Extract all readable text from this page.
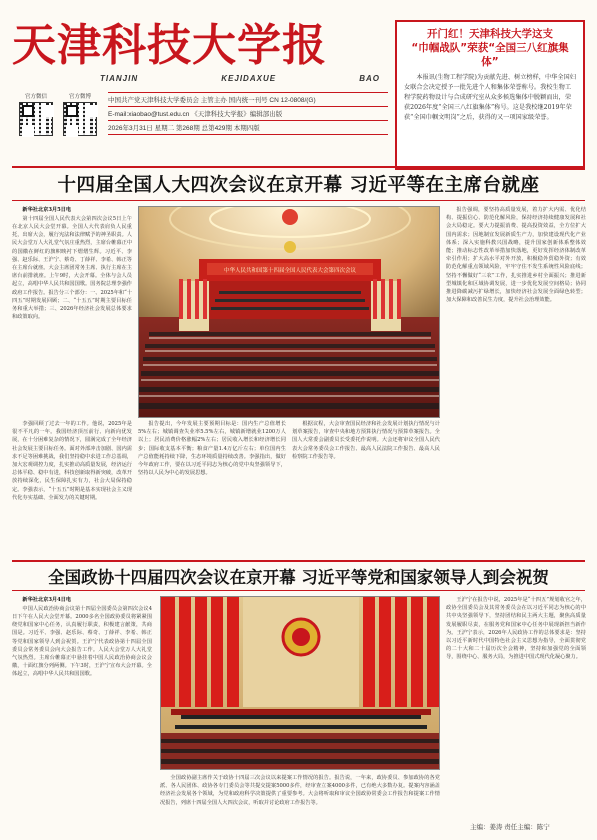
天津科技大学报
TIANJIN	KEJIDAXUE	BAO
官方微信	官方微博	中国共产党天津科技大学委员会 主管主办 国内统一刊号 CN 12-0808/(G)
E-mail:xiaobao@tust.edu.cn 《天津科技大学报》编辑部出版
2026年3月31日 星期二 第268期 总第429期 本期四版
开门红！天津科技大学这支
“巾帼战队”荣获“全国三八红旗集体”
本报讯(生物工程学院)为贡献先进、树立榜样，中华全国妇女联合会决定授予一批先进个人和集体荣誉称号。我校生物工程学院药物设计与合成研究室从众多候选集体中脱颖而出，荣获2026年度“全国三八红旗集体”称号。这是我校继2019年荣获“全国巾帼文明岗”之后，获得的又一项国家级荣誉。
十四届全国人大四次会议在京开幕 习近平等在主席台就座

新华社北京3月5日电

第十四届全国人民代表大会第四次会议5日上午在北京人民大会堂开幕。全国人大代表肩负人民重托，出席大会，履行宪法和法律赋予的神圣职责。人民大会堂万人大礼堂气氛庄重热烈，主席台帷幕正中的国徽在鲜红的旗帜映衬下熠熠生辉。习近平、李强、赵乐际、王沪宁、蔡奇、丁薛祥、李希、韩正等在主席台就座。大会主席团常务主席、执行主席在主席台前排就座。上午9时，大会开幕。全体与会人员起立，高唱中华人民共和国国歌。国务院总理李强作政府工作报告。报告分三个部分：一、2025年和“十四五”时期发展回顾；二、“十五五”时期主要目标任务和重大举措；三、2026年经济社会发展总体要求和政策取向。

中华人民共和国第十四届全国人民代表大会第四次会议

报告强调，要坚持高质量发展，着力扩大内需、优化结构、提振信心、防范化解风险，保持经济持续健康发展和社会大局稳定。要大力提振消费、提高投资效益，全方位扩大国内需求；因地制宜发展新质生产力，加快建设现代化产业体系；深入实施科教兴国战略，提升国家创新体系整体效能；推动标志性改革举措加快落地，更好发挥经济体制改革牵引作用；扩大高水平对外开放，积极稳外贸稳外资；有效防范化解重点领域风险，牢牢守住不发生系统性风险底线；坚持不懈做好“三农”工作，扎实推进乡村全面振兴；推进新型城镇化和区域协调发展，进一步优化发展空间格局；协同推进降碳减污扩绿增长，加快经济社会发展全面绿色转型；加大保障和改善民生力度，提升社会治理效能。

李强回顾了过去一年的工作。他说，2025年是很不平凡的一年。我国经济顶压前行、向新向优发展，在十分困难复杂的情况下，圆满完成了全年经济社会发展主要目标任务。面对外部冲击加剧、国内需求不足等困难挑战，我们坚持稳中求进工作总基调，加大宏观调控力度，扎实推动高质量发展，经济运行总体平稳、稳中有进，科技创新取得新突破，改革开放持续深化，民生保障扎实有力，社会大局保持稳定。李强表示，“十五五”时期是基本实现社会主义现代化夯实基础、全面发力的关键时期。

报告提出，今年发展主要预期目标是：国内生产总值增长5%左右；城镇调查失业率5.5%左右，城镇新增就业1200万人以上；居民消费价格涨幅2%左右；居民收入增长和经济增长同步；国际收支基本平衡；粮食产量1.4万亿斤左右；单位国内生产总值能耗持续下降，生态环境质量持续改善。李强指出，做好今年政府工作，要在以习近平同志为核心的党中央坚强领导下，坚持以人民为中心的发展思想。

根据议程，大会审查国民经济和社会发展计划执行情况与计划草案报告，审查中央和地方预算执行情况与预算草案报告。全国人大常委会副委员长受委托作说明。大会还将审议全国人民代表大会常务委员会工作报告、最高人民法院工作报告、最高人民检察院工作报告等。

全国政协十四届四次会议在京开幕 习近平等党和国家领导人到会祝贺

新华社北京3月4日电

中国人民政治协商会议第十四届全国委员会第四次会议4日下午在人民大会堂开幕。2000多名全国政协委员将紧紧围绕党和国家中心任务，认真履行职责，积极建言献策，共商国是。习近平、李强、赵乐际、蔡奇、丁薛祥、李希、韩正等党和国家领导人到会祝贺。王沪宁代表政协第十四届全国委员会常务委员会向大会报告工作。人民大会堂万人大礼堂气氛热烈。主席台帷幕正中悬挂着中国人民政治协商会议会徽，十面红旗分列两侧。下午3时，王沪宁宣布大会开幕。全体起立，高唱中华人民共和国国歌。

全国政协副主席作关于政协十四届三次会议以来提案工作情况的报告。报告说，一年来，政协委员、参加政协的各党派、各人民团体、政协各专门委员会等共提交提案5000多件，经审查立案4000多件，已有绝大多数办复。提案内容涵盖经济社会发展各个领域，为党和政府科学决策提供了重要参考。大会将听取和审议全国政协常委会工作报告和提案工作情况报告，列席十四届全国人大四次会议，听取并讨论政府工作报告等。

王沪宁在报告中说，2025年是“十四五”规划收官之年，政协全国委员会及其常务委员会在以习近平同志为核心的中共中央坚强领导下，坚持团结和民主两大主题，聚焦高质量发展履职尽责，在服务党和国家中心任务中展现新担当新作为。王沪宁表示，2026年人民政协工作的总体要求是：坚持以习近平新时代中国特色社会主义思想为指导，全面贯彻党的二十大和二十届历次全会精神，坚持和加强党的全面领导，围绕中心、服务大局，为推进中国式现代化凝心聚力。

主编：姜涛 责任主编：陈宁
